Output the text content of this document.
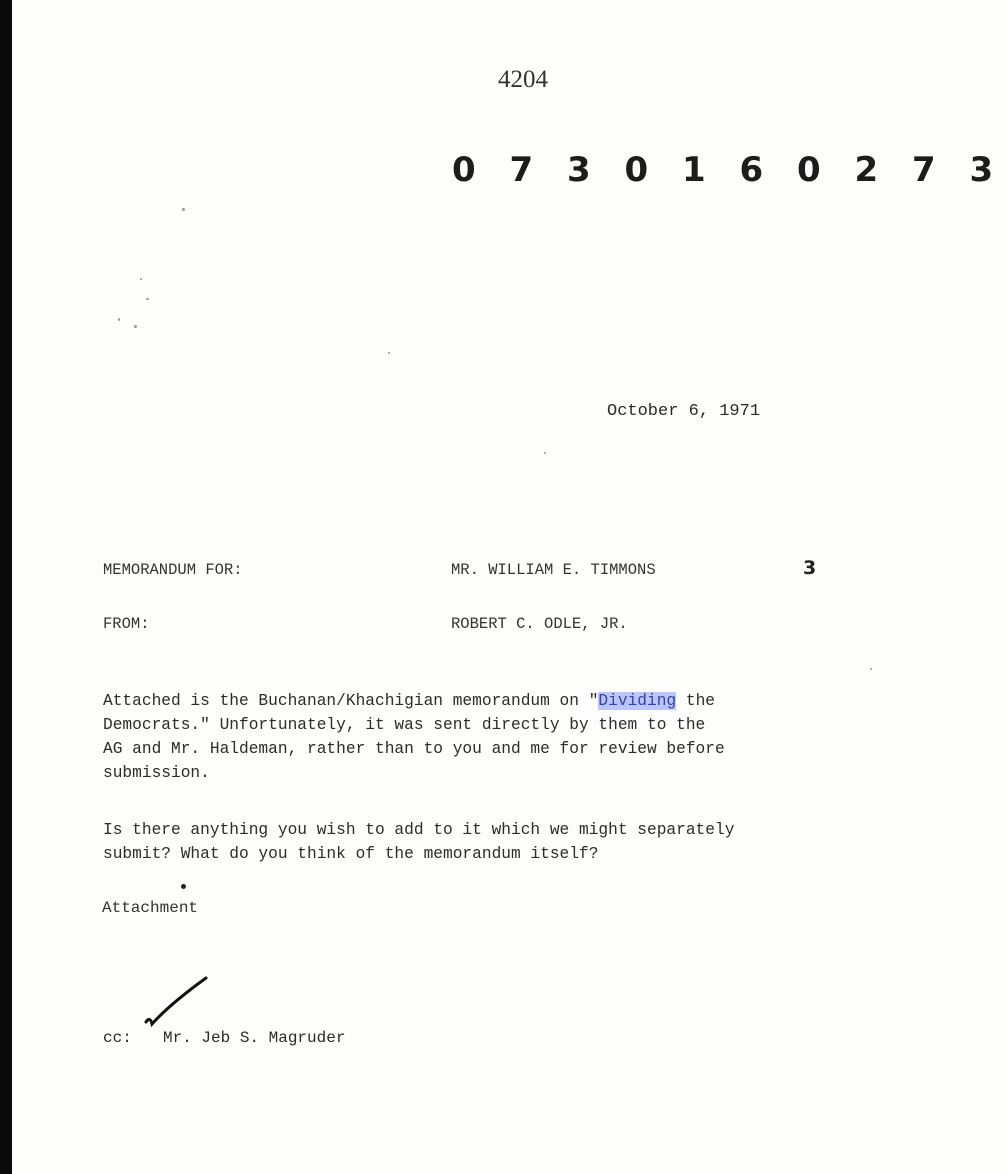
4204
0 7 3 0 1 6 0 2 7 3
October 6, 1971
MEMORANDUM FOR:	MR. WILLIAM E. TIMMONS	3
FROM:	ROBERT C. ODLE, JR.
Attached is the Buchanan/Khachigian memorandum on "Dividing the
Democrats." Unfortunately, it was sent directly by them to the
AG and Mr. Haldeman, rather than to you and me for review before
submission.
Is there anything you wish to add to it which we might separately
submit? What do you think of the memorandum itself?
Attachment
cc: Mr. Jeb S. Magruder
